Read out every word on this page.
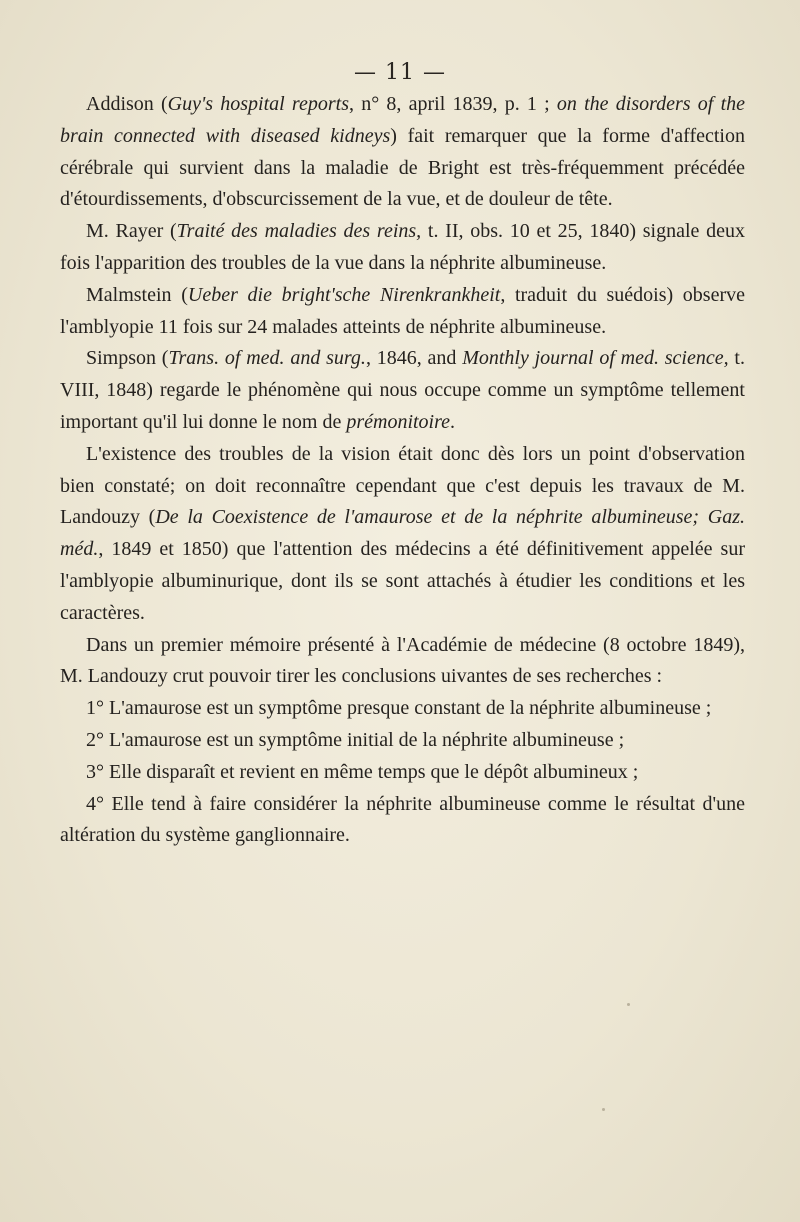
— 11 —

Addison (Guy's hospital reports, n° 8, april 1839, p. 1 ; on the disorders of the brain connected with diseased kidneys) fait remarquer que la forme d'affection cérébrale qui survient dans la maladie de Bright est très-fréquemment précédée d'étourdissements, d'obscurcissement de la vue, et de douleur de tête.

M. Rayer (Traité des maladies des reins, t. II, obs. 10 et 25, 1840) signale deux fois l'apparition des troubles de la vue dans la néphrite albumineuse.

Malmstein (Ueber die bright'sche Nirenkrankheit, traduit du suédois) observe l'amblyopie 11 fois sur 24 malades atteints de néphrite albumineuse.

Simpson (Trans. of med. and surg., 1846, and Monthly journal of med. science, t. VIII, 1848) regarde le phénomène qui nous occupe comme un symptôme tellement important qu'il lui donne le nom de prémonitoire.

L'existence des troubles de la vision était donc dès lors un point d'observation bien constaté; on doit reconnaître cependant que c'est depuis les travaux de M. Landouzy (De la Coexistence de l'amaurose et de la néphrite albumineuse; Gaz. méd., 1849 et 1850) que l'attention des médecins a été définitivement appelée sur l'amblyopie albuminurique, dont ils se sont attachés à étudier les conditions et les caractères.

Dans un premier mémoire présenté à l'Académie de médecine (8 octobre 1849), M. Landouzy crut pouvoir tirer les conclusions uivantes de ses recherches :

1° L'amaurose est un symptôme presque constant de la néphrite albumineuse ;

2° L'amaurose est un symptôme initial de la néphrite albumineuse ;

3° Elle disparaît et revient en même temps que le dépôt albumineux ;

4° Elle tend à faire considérer la néphrite albumineuse comme le résultat d'une altération du système ganglionnaire.
